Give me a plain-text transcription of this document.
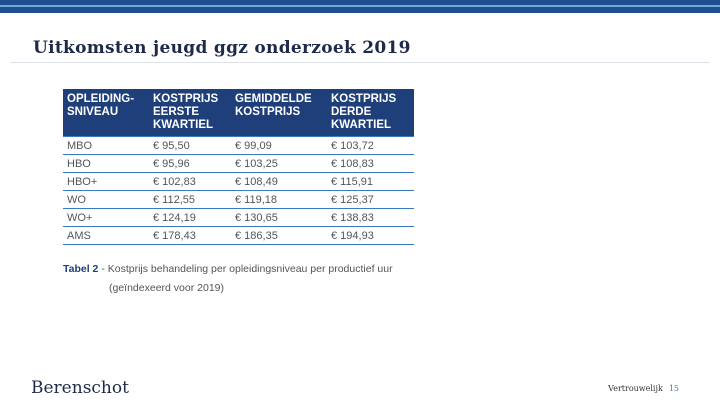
Uitkomsten jeugd ggz onderzoek 2019
OPLEIDING- SNIVEAU	KOSTPRIJS EERSTE KWARTIEL	GEMIDDELDE KOSTPRIJS	KOSTPRIJS DERDE KWARTIEL
MBO	€ 95,50	€ 99,09	€ 103,72
HBO	€ 95,96	€ 103,25	€ 108,83
HBO+	€ 102,83	€ 108,49	€ 115,91
WO	€ 112,55	€ 119,18	€ 125,37
WO+	€ 124,19	€ 130,65	€ 138,83
AMS	€ 178,43	€ 186,35	€ 194,93
Tabel 2 - Kostprijs behandeling per opleidingsniveau per productief uur
(geïndexeerd voor 2019)
Berenschot	Vertrouwelijk 15
